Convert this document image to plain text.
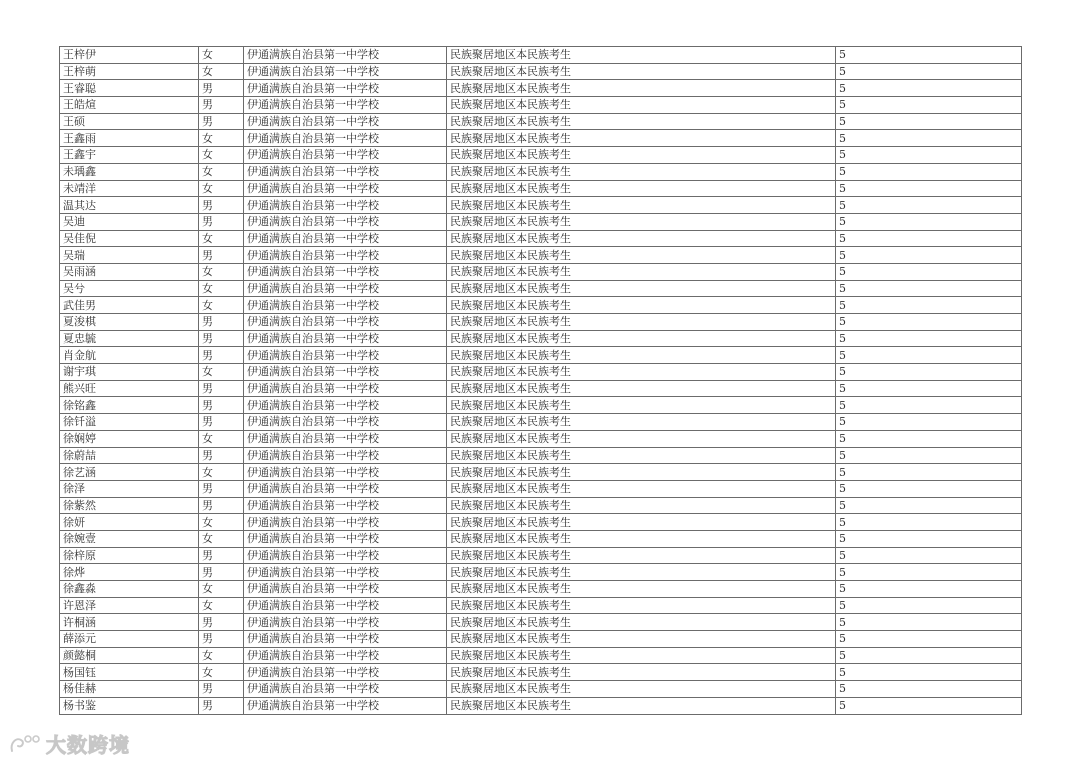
王梓伊	女	伊通满族自治县第一中学校	民族聚居地区本民族考生	5
王梓萌	女	伊通满族自治县第一中学校	民族聚居地区本民族考生	5
王睿聪	男	伊通满族自治县第一中学校	民族聚居地区本民族考生	5
王皓煊	男	伊通满族自治县第一中学校	民族聚居地区本民族考生	5
王硕	男	伊通满族自治县第一中学校	民族聚居地区本民族考生	5
王鑫雨	女	伊通满族自治县第一中学校	民族聚居地区本民族考生	5
王鑫宇	女	伊通满族自治县第一中学校	民族聚居地区本民族考生	5
未瑀鑫	女	伊通满族自治县第一中学校	民族聚居地区本民族考生	5
未靖洋	女	伊通满族自治县第一中学校	民族聚居地区本民族考生	5
温其达	男	伊通满族自治县第一中学校	民族聚居地区本民族考生	5
吴迪	男	伊通满族自治县第一中学校	民族聚居地区本民族考生	5
吴佳倪	女	伊通满族自治县第一中学校	民族聚居地区本民族考生	5
吴瑞	男	伊通满族自治县第一中学校	民族聚居地区本民族考生	5
吴雨涵	女	伊通满族自治县第一中学校	民族聚居地区本民族考生	5
吴兮	女	伊通满族自治县第一中学校	民族聚居地区本民族考生	5
武佳男	女	伊通满族自治县第一中学校	民族聚居地区本民族考生	5
夏浚棋	男	伊通满族自治县第一中学校	民族聚居地区本民族考生	5
夏忠毓	男	伊通满族自治县第一中学校	民族聚居地区本民族考生	5
肖金航	男	伊通满族自治县第一中学校	民族聚居地区本民族考生	5
谢宇琪	女	伊通满族自治县第一中学校	民族聚居地区本民族考生	5
熊兴旺	男	伊通满族自治县第一中学校	民族聚居地区本民族考生	5
徐铭鑫	男	伊通满族自治县第一中学校	民族聚居地区本民族考生	5
徐钎溢	男	伊通满族自治县第一中学校	民族聚居地区本民族考生	5
徐娴婷	女	伊通满族自治县第一中学校	民族聚居地区本民族考生	5
徐蔚喆	男	伊通满族自治县第一中学校	民族聚居地区本民族考生	5
徐艺涵	女	伊通满族自治县第一中学校	民族聚居地区本民族考生	5
徐泽	男	伊通满族自治县第一中学校	民族聚居地区本民族考生	5
徐紫然	男	伊通满族自治县第一中学校	民族聚居地区本民族考生	5
徐妍	女	伊通满族自治县第一中学校	民族聚居地区本民族考生	5
徐婉壹	女	伊通满族自治县第一中学校	民族聚居地区本民族考生	5
徐梓原	男	伊通满族自治县第一中学校	民族聚居地区本民族考生	5
徐烨	男	伊通满族自治县第一中学校	民族聚居地区本民族考生	5
徐鑫淼	女	伊通满族自治县第一中学校	民族聚居地区本民族考生	5
许恩泽	女	伊通满族自治县第一中学校	民族聚居地区本民族考生	5
许桐涵	男	伊通满族自治县第一中学校	民族聚居地区本民族考生	5
薛添元	男	伊通满族自治县第一中学校	民族聚居地区本民族考生	5
颜懿桐	女	伊通满族自治县第一中学校	民族聚居地区本民族考生	5
杨国钰	女	伊通满族自治县第一中学校	民族聚居地区本民族考生	5
杨佳赫	男	伊通满族自治县第一中学校	民族聚居地区本民族考生	5
杨书鉴	男	伊通满族自治县第一中学校	民族聚居地区本民族考生	5
大数跨境
